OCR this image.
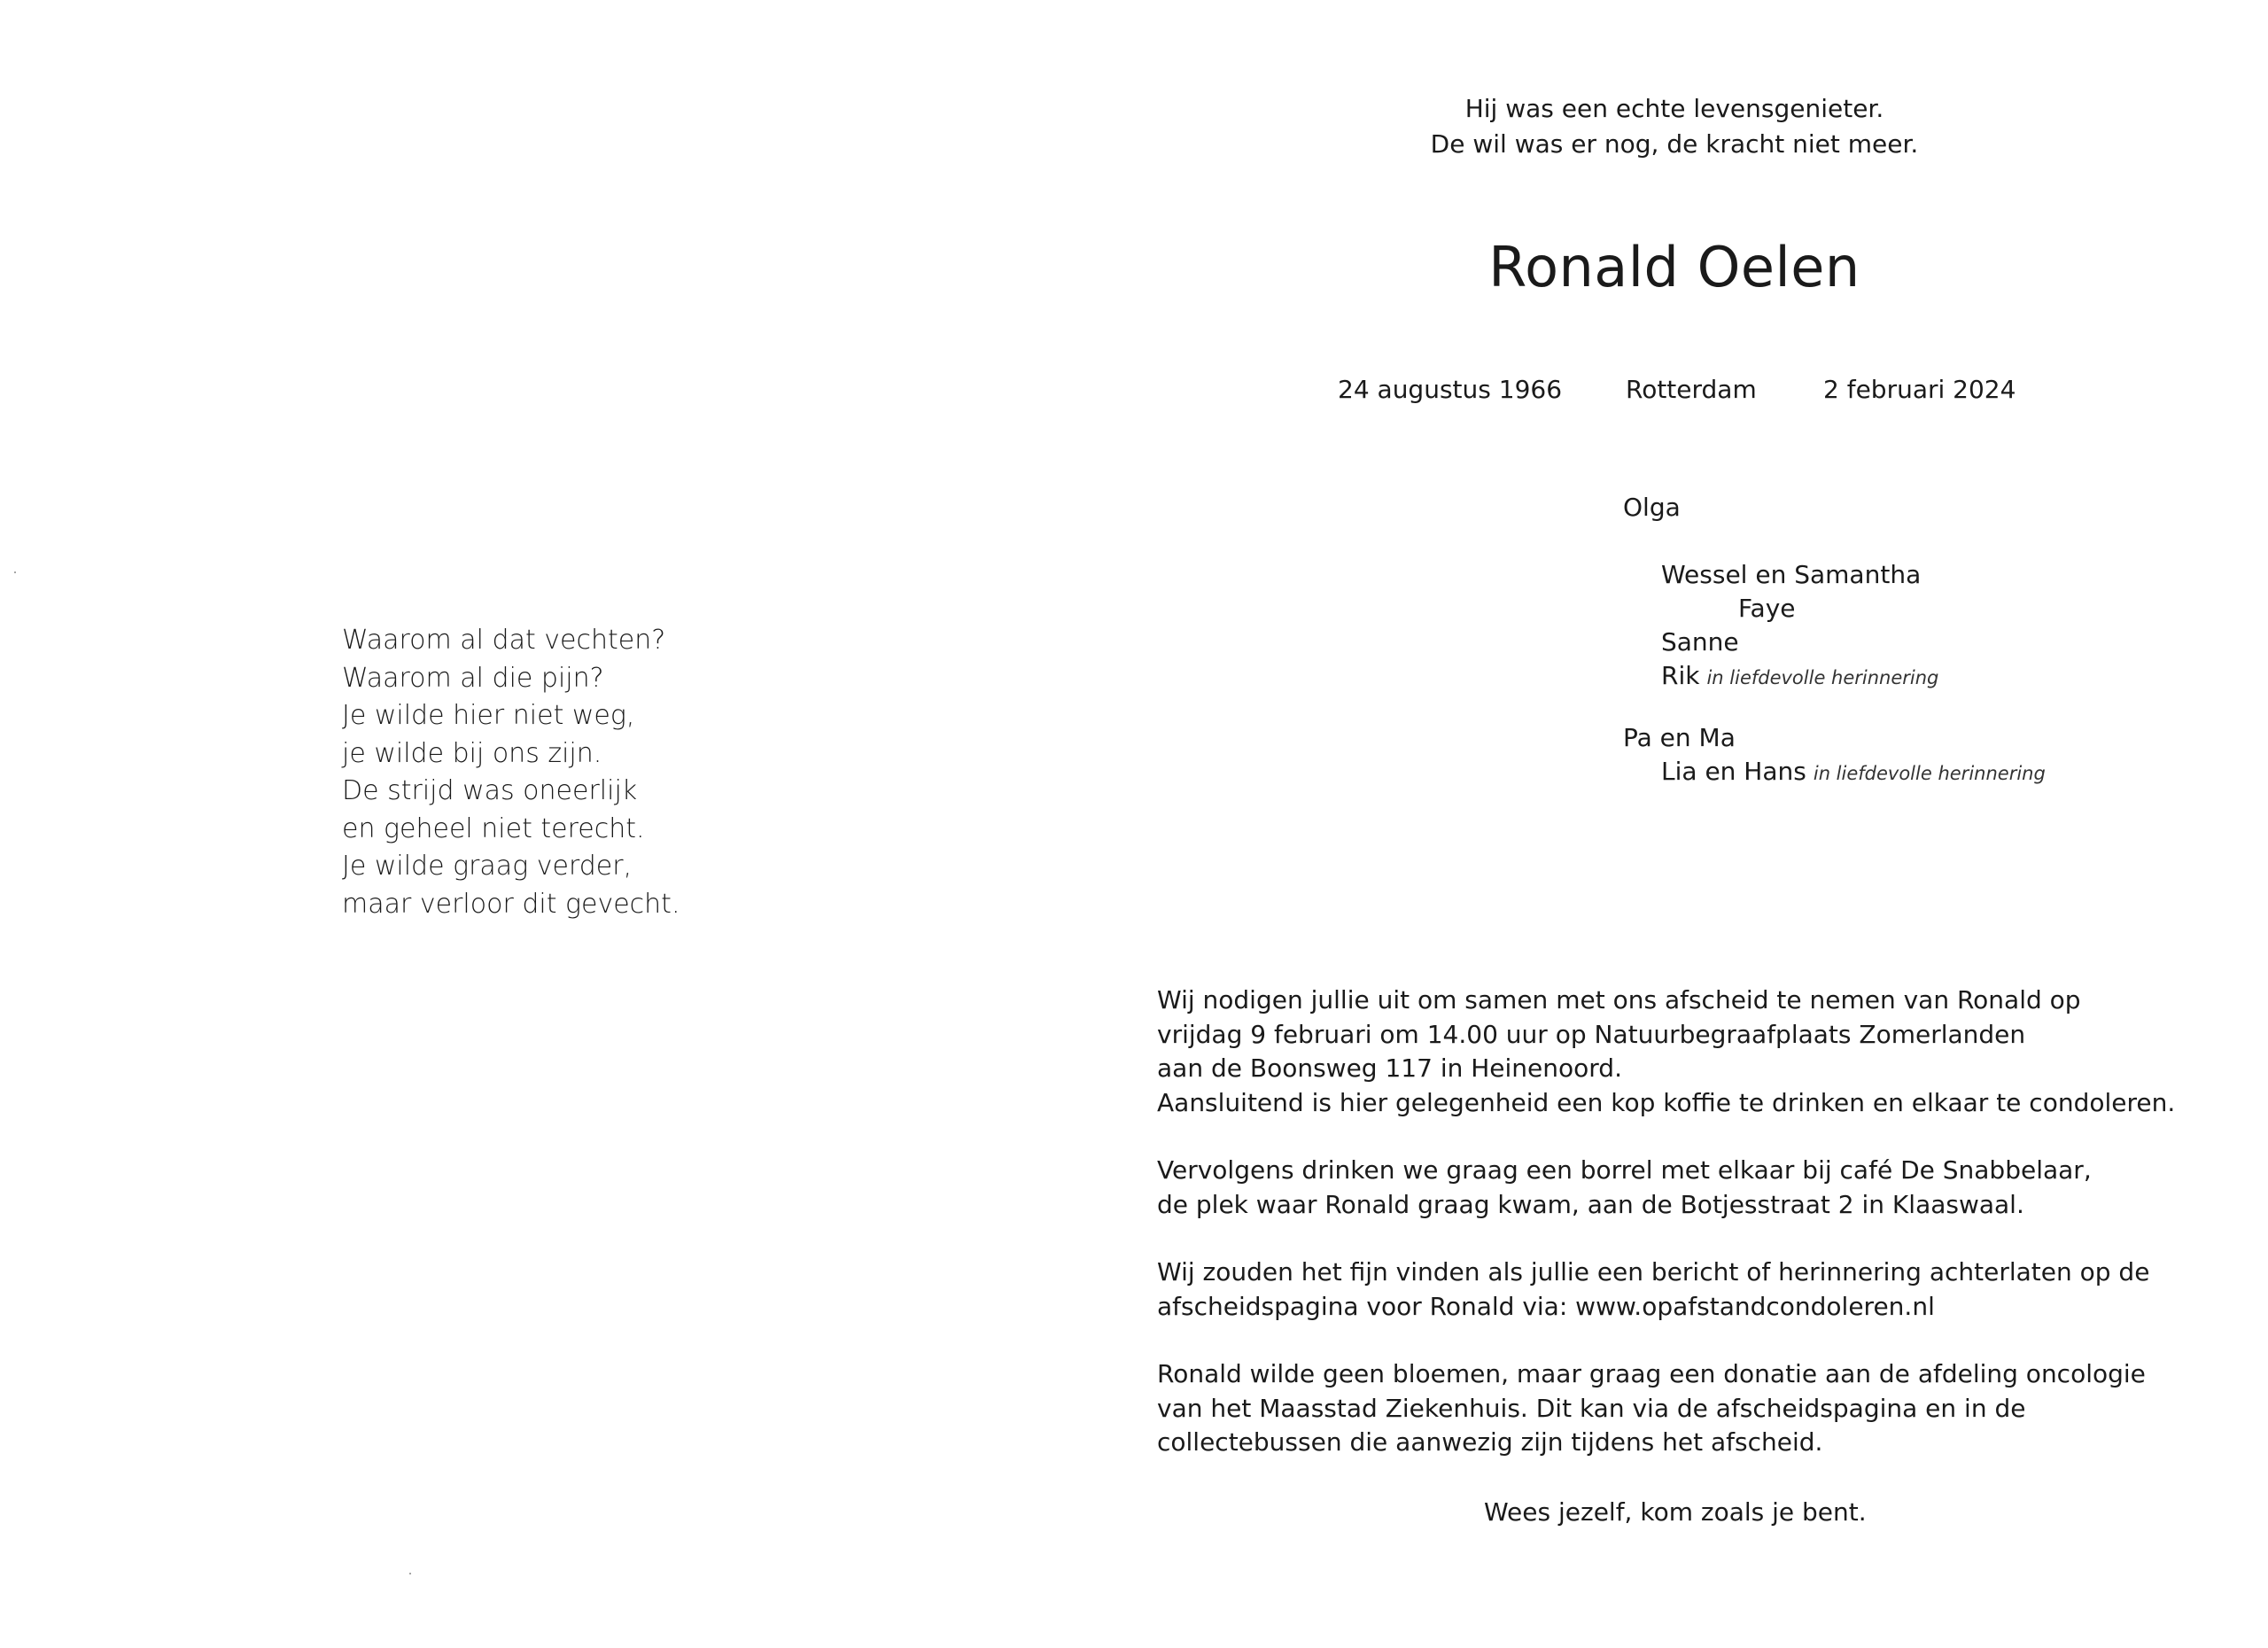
Waarom al dat vechten?
Waarom al die pijn?
Je wilde hier niet weg,
je wilde bij ons zijn.
De strijd was oneerlijk
en geheel niet terecht.
Je wilde graag verder,
maar verloor dit gevecht.
Hij was een echte levensgenieter.
De wil was er nog, de kracht niet meer.
Ronald Oelen
24 augustus 1966	Rotterdam	2 februari 2024
Olga
Wessel en Samantha
Faye
Sanne
Rik in liefdevolle herinnering
Pa en Ma
Lia en Hans in liefdevolle herinnering
Wij nodigen jullie uit om samen met ons afscheid te nemen van Ronald op
vrijdag 9 februari om 14.00 uur op Natuurbegraafplaats Zomerlanden
aan de Boonsweg 117 in Heinenoord.
Aansluitend is hier gelegenheid een kop koffie te drinken en elkaar te condoleren.
Vervolgens drinken we graag een borrel met elkaar bij café De Snabbelaar,
de plek waar Ronald graag kwam, aan de Botjesstraat 2 in Klaaswaal.
Wij zouden het fijn vinden als jullie een bericht of herinnering achterlaten op de
afscheidspagina voor Ronald via: www.opafstandcondoleren.nl
Ronald wilde geen bloemen, maar graag een donatie aan de afdeling oncologie
van het Maasstad Ziekenhuis. Dit kan via de afscheidspagina en in de
collectebussen die aanwezig zijn tijdens het afscheid.
Wees jezelf, kom zoals je bent.
